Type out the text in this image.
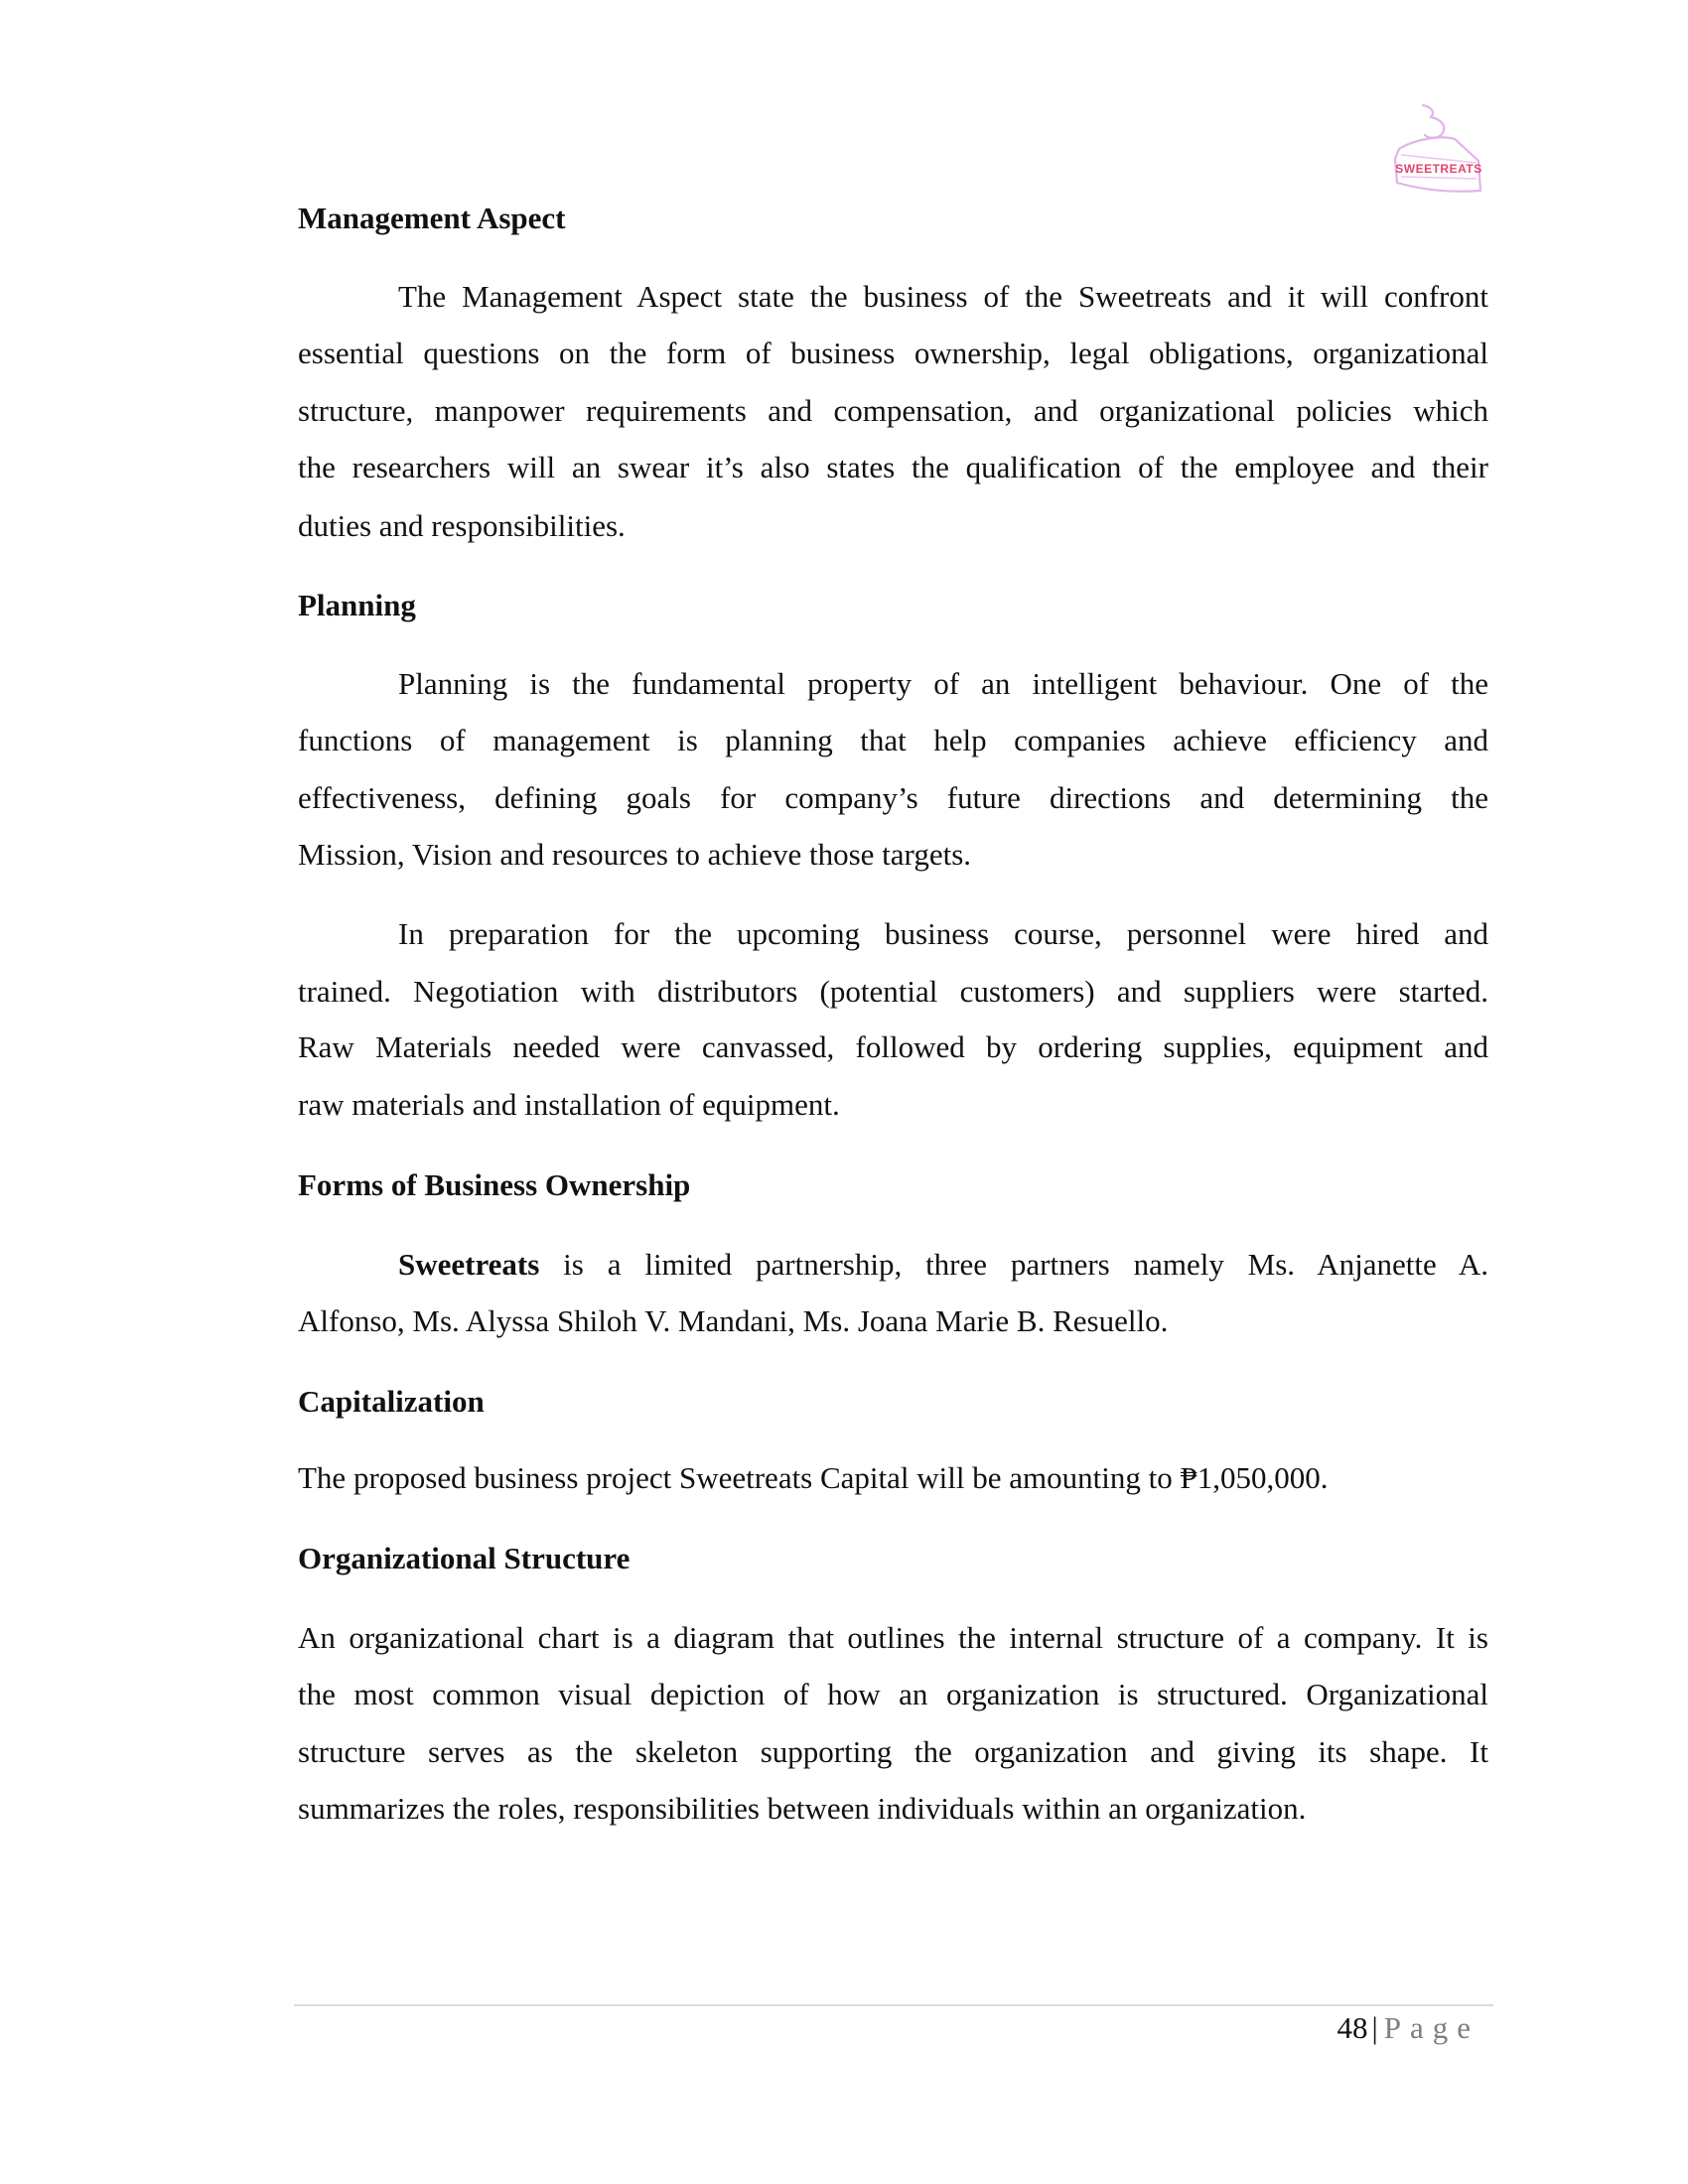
SWEETREATS
Management Aspect
The Management Aspect state the business of the Sweetreats and it will confront
essential questions on the form of business ownership, legal obligations, organizational
structure, manpower requirements and compensation, and organizational policies which
the researchers will an swear it’s also states the qualification of the employee and their
duties and responsibilities.
Planning
Planning is the fundamental property of an intelligent behaviour. One of the
functions of management is planning that help companies achieve efficiency and
effectiveness, defining goals for company’s future directions and determining the
Mission, Vision and resources to achieve those targets.
In preparation for the upcoming business course, personnel were hired and
trained. Negotiation with distributors (potential customers) and suppliers were started.
Raw Materials needed were canvassed, followed by ordering supplies, equipment and
raw materials and installation of equipment.
Forms of Business Ownership
Sweetreats is a limited partnership, three partners namely Ms. Anjanette A.
Alfonso, Ms. Alyssa Shiloh V. Mandani, Ms. Joana Marie B. Resuello.
Capitalization
The proposed business project Sweetreats Capital will be amounting to ₱1,050,000.
Organizational Structure
An organizational chart is a diagram that outlines the internal structure of a company. It is
the most common visual depiction of how an organization is structured. Organizational
structure serves as the skeleton supporting the organization and giving its shape. It
summarizes the roles, responsibilities between individuals within an organization.
48 | Page
